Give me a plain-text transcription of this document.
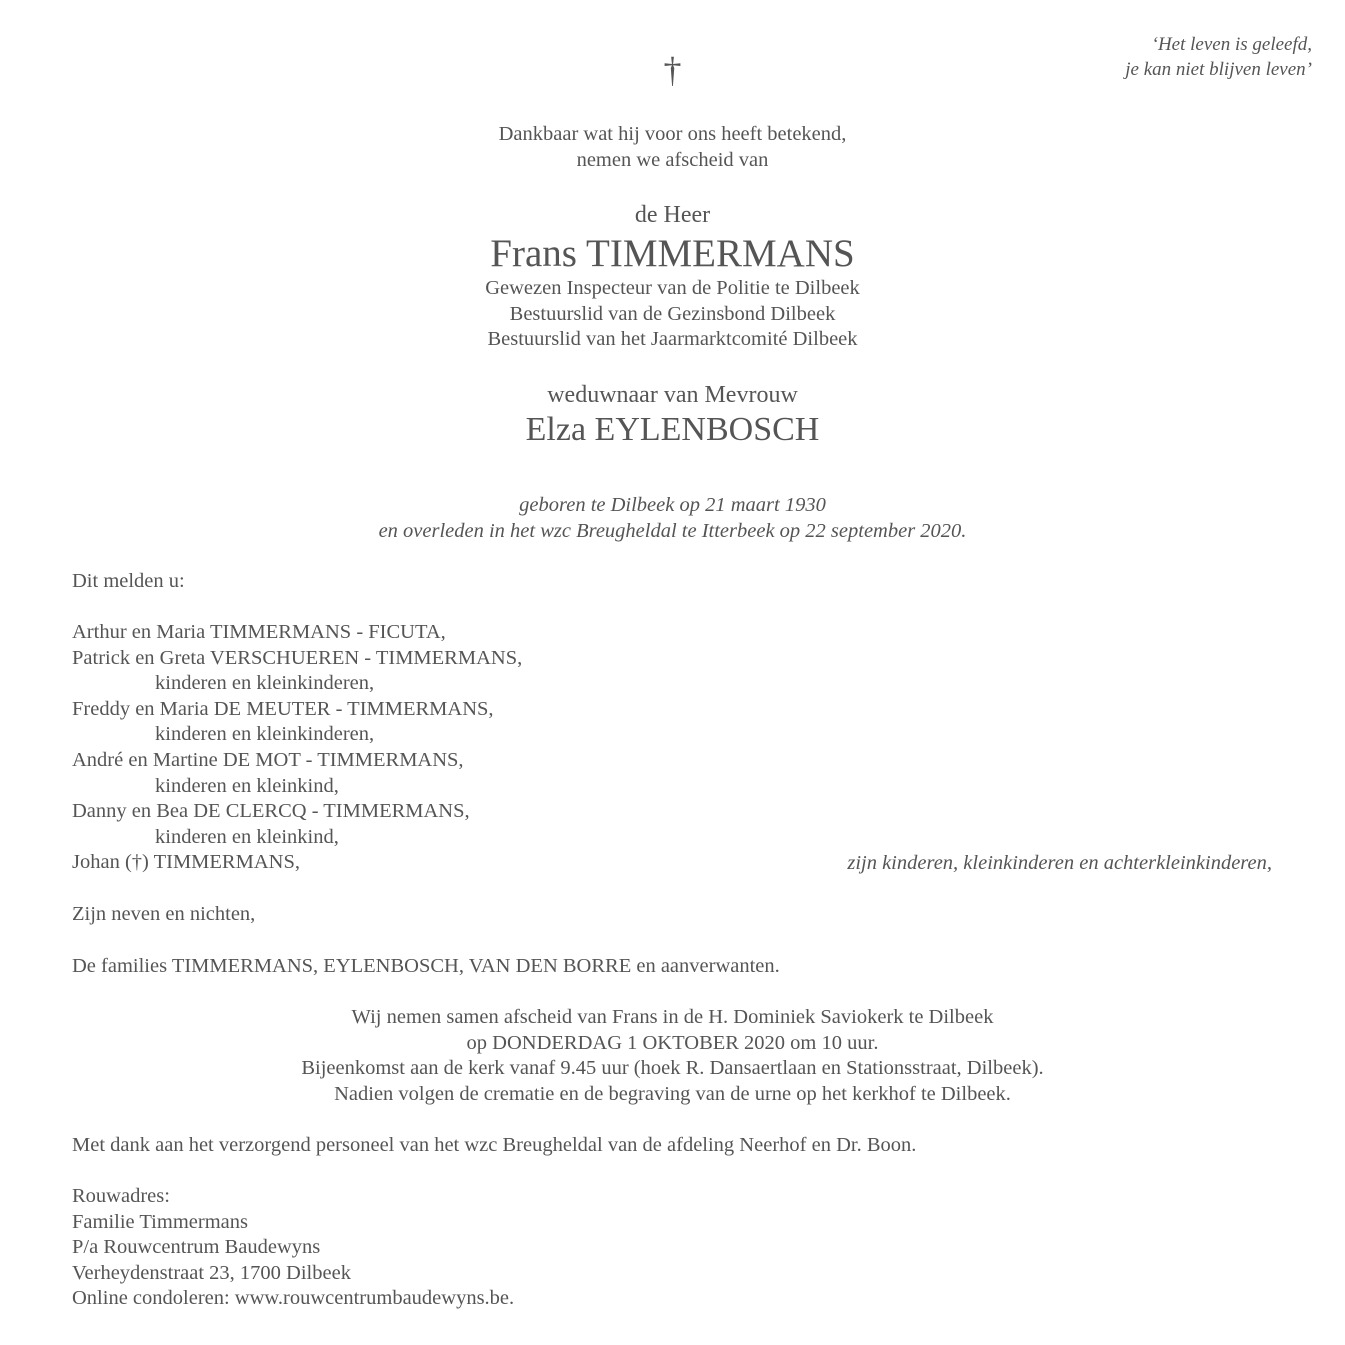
‘Het leven is geleefd,
je kan niet blijven leven’
†
Dankbaar wat hij voor ons heeft betekend,
nemen we afscheid van
de Heer
Frans TIMMERMANS
Gewezen Inspecteur van de Politie te Dilbeek
Bestuurslid van de Gezinsbond Dilbeek
Bestuurslid van het Jaarmarktcomité Dilbeek
weduwnaar van Mevrouw
Elza EYLENBOSCH
geboren te Dilbeek op 21 maart 1930
en overleden in het wzc Breugheldal te Itterbeek op 22 september 2020.
Dit melden u:
Arthur en Maria TIMMERMANS - FICUTA,
Patrick en Greta VERSCHUEREN - TIMMERMANS,
kinderen en kleinkinderen,
Freddy en Maria DE MEUTER - TIMMERMANS,
kinderen en kleinkinderen,
André en Martine DE MOT - TIMMERMANS,
kinderen en kleinkind,
Danny en Bea DE CLERCQ - TIMMERMANS,
kinderen en kleinkind,
Johan (†) TIMMERMANS,	zijn kinderen, kleinkinderen en achterkleinkinderen,
Zijn neven en nichten,
De families TIMMERMANS, EYLENBOSCH, VAN DEN BORRE en aanverwanten.
Wij nemen samen afscheid van Frans in de H. Dominiek Saviokerk te Dilbeek
op DONDERDAG 1 OKTOBER 2020 om 10 uur.
Bijeenkomst aan de kerk vanaf 9.45 uur (hoek R. Dansaertlaan en Stationsstraat, Dilbeek).
Nadien volgen de crematie en de begraving van de urne op het kerkhof te Dilbeek.
Met dank aan het verzorgend personeel van het wzc Breugheldal van de afdeling Neerhof en Dr. Boon.
Rouwadres:
Familie Timmermans
P/a Rouwcentrum Baudewyns
Verheydenstraat 23, 1700 Dilbeek
Online condoleren: www.rouwcentrumbaudewyns.be.
